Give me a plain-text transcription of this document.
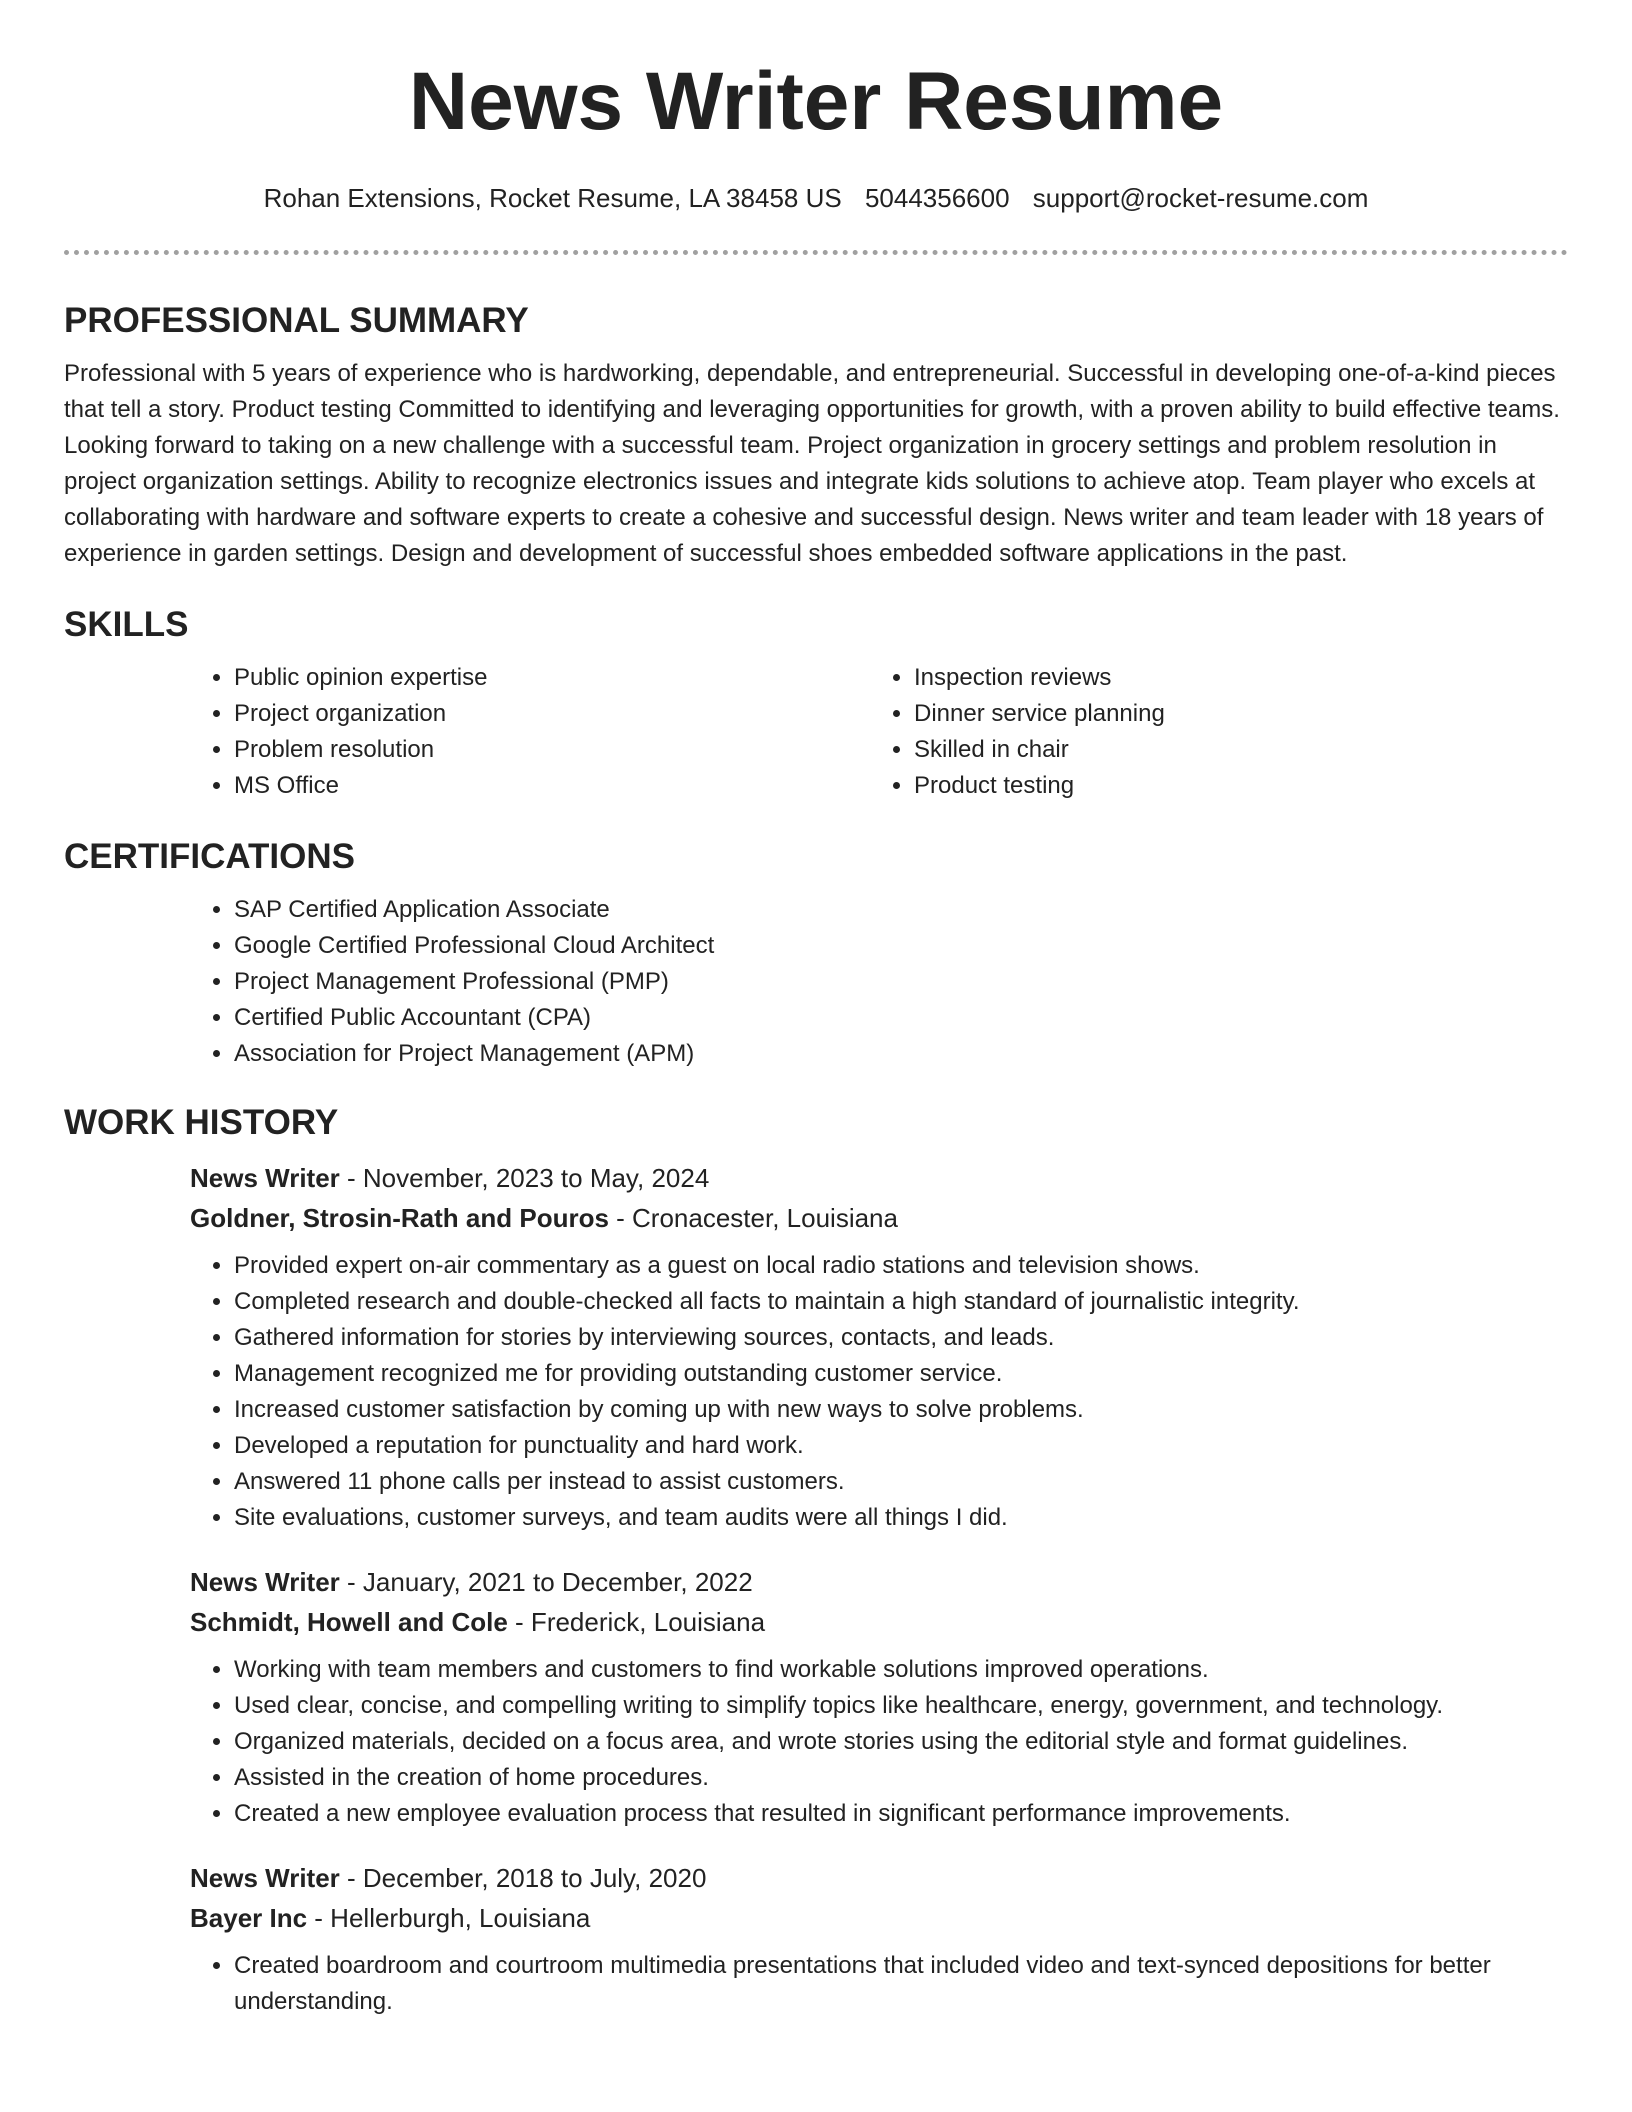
News Writer Resume
Rohan Extensions, Rocket Resume, LA 38458 US 5044356600 support@rocket-resume.com
PROFESSIONAL SUMMARY

Professional with 5 years of experience who is hardworking, dependable, and entrepreneurial. Successful in developing one-of-a-kind pieces that tell a story. Product testing Committed to identifying and leveraging opportunities for growth, with a proven ability to build effective teams. Looking forward to taking on a new challenge with a successful team. Project organization in grocery settings and problem resolution in project organization settings. Ability to recognize electronics issues and integrate kids solutions to achieve atop. Team player who excels at collaborating with hardware and software experts to create a cohesive and successful design. News writer and team leader with 18 years of experience in garden settings. Design and development of successful shoes embedded software applications in the past.

SKILLS
• Public opinion expertise
• Project organization
• Problem resolution
• MS Office
• Inspection reviews
• Dinner service planning
• Skilled in chair
• Product testing
CERTIFICATIONS
• SAP Certified Application Associate
• Google Certified Professional Cloud Architect
• Project Management Professional (PMP)
• Certified Public Accountant (CPA)
• Association for Project Management (APM)
WORK HISTORY
News Writer - November, 2023 to May, 2024
Goldner, Strosin-Rath and Pouros - Cronacester, Louisiana
• Provided expert on-air commentary as a guest on local radio stations and television shows.
• Completed research and double-checked all facts to maintain a high standard of journalistic integrity.
• Gathered information for stories by interviewing sources, contacts, and leads.
• Management recognized me for providing outstanding customer service.
• Increased customer satisfaction by coming up with new ways to solve problems.
• Developed a reputation for punctuality and hard work.
• Answered 11 phone calls per instead to assist customers.
• Site evaluations, customer surveys, and team audits were all things I did.
News Writer - January, 2021 to December, 2022
Schmidt, Howell and Cole - Frederick, Louisiana
• Working with team members and customers to find workable solutions improved operations.
• Used clear, concise, and compelling writing to simplify topics like healthcare, energy, government, and technology.
• Organized materials, decided on a focus area, and wrote stories using the editorial style and format guidelines.
• Assisted in the creation of home procedures.
• Created a new employee evaluation process that resulted in significant performance improvements.
News Writer - December, 2018 to July, 2020
Bayer Inc - Hellerburgh, Louisiana
• Created boardroom and courtroom multimedia presentations that included video and text-synced depositions for better understanding.
